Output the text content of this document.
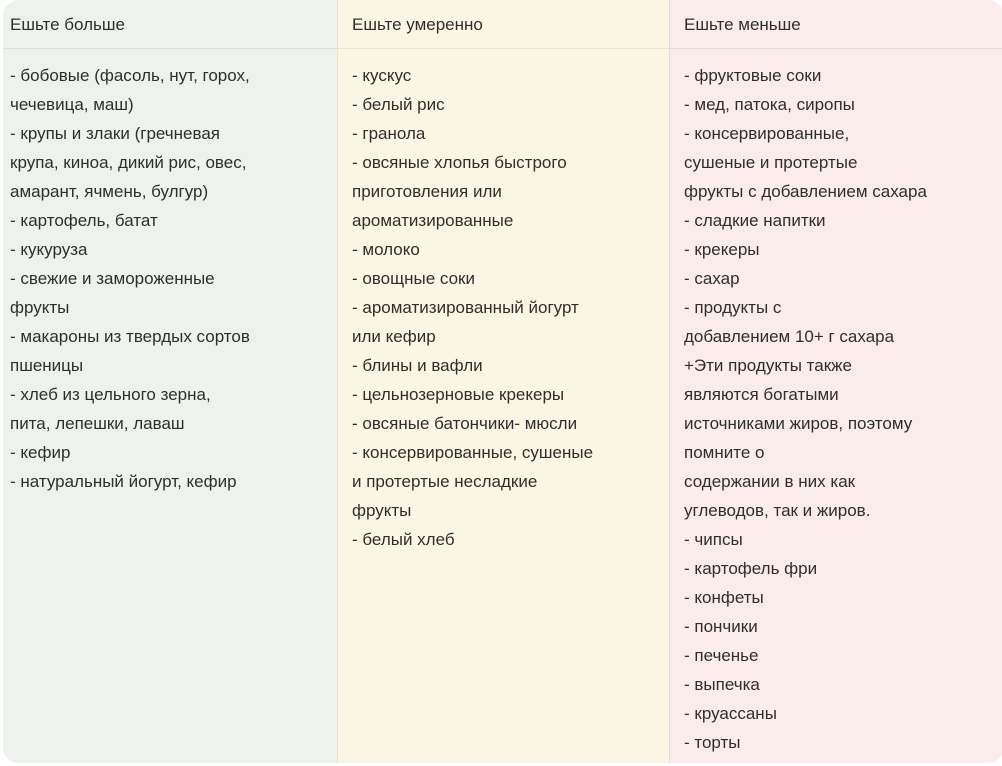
Ешьте больше
- бобовые (фасоль, нут, горох,
чечевица, маш)
- крупы и злаки (гречневая
крупа, киноа, дикий рис, овес,
амарант, ячмень, булгур)
- картофель, батат
- кукуруза
- свежие и замороженные
фрукты
- макароны из твердых сортов
пшеницы
- хлеб из цельного зерна,
пита, лепешки, лаваш
- кефир
- натуральный йогурт, кефир
Ешьте умеренно
- кускус
- белый рис
- гранола
- овсяные хлопья быстрого
приготовления или
ароматизированные
- молоко
- овощные соки
- ароматизированный йогурт
или кефир
- блины и вафли
- цельнозерновые крекеры
- овсяные батончики- мюсли
- консервированные, сушеные
и протертые несладкие
фрукты
- белый хлеб
Ешьте меньше
- фруктовые соки
- мед, патока, сиропы
- консервированные,
сушеные и протертые
фрукты с добавлением сахара
- сладкие напитки
- крекеры
- сахар
- продукты с
добавлением 10+ г сахара
+Эти продукты также
являются богатыми
источниками жиров, поэтому
помните о
содержании в них как
углеводов, так и жиров.
- чипсы
- картофель фри
- конфеты
- пончики
- печенье
- выпечка
- круассаны
- торты
